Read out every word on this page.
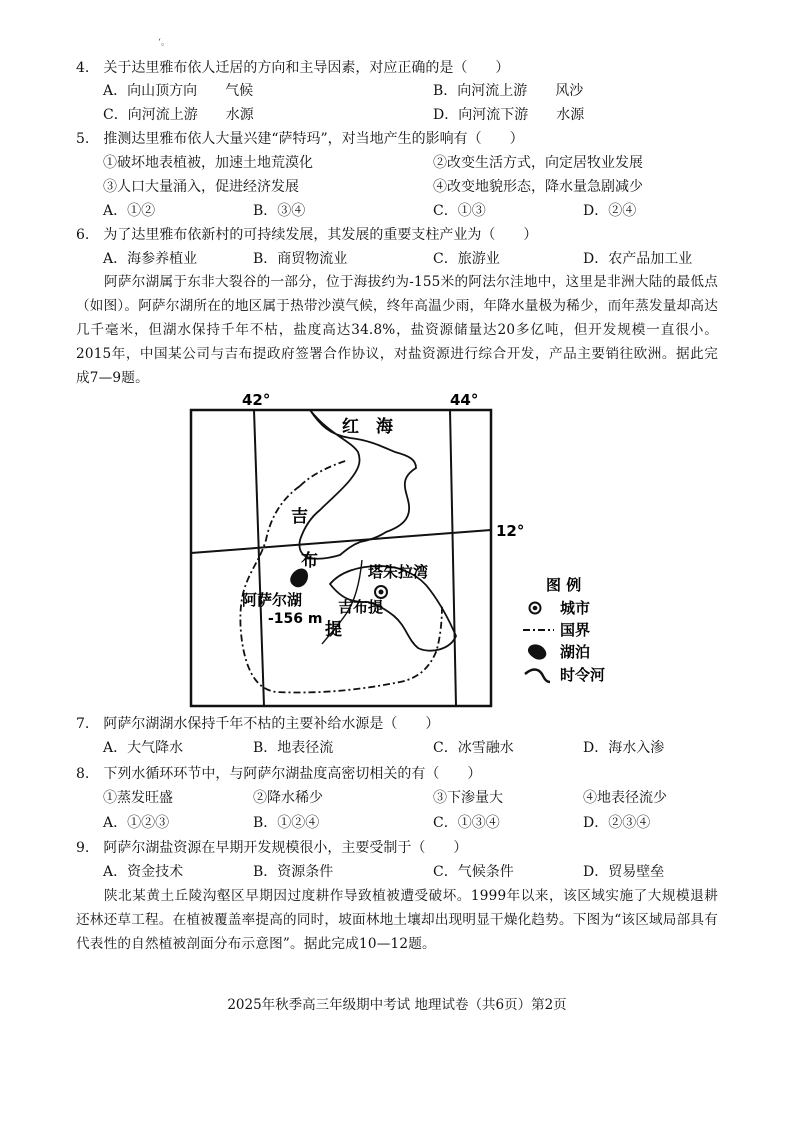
ʻ。
4.　关于达里雅布依人迁居的方向和主导因素，对应正确的是（　　）
A．向山顶方向　　气候	B．向河流上游　　风沙
C．向河流上游　　水源	D．向河流下游　　水源
5.　推测达里雅布依人大量兴建“萨特玛”，对当地产生的影响有（　　）
①破坏地表植被，加速土地荒漠化	②改变生活方式，向定居牧业发展
③人口大量涌入，促进经济发展	④改变地貌形态，降水量急剧减少
A．①②	B．③④	C．①③	D．②④
6.　为了达里雅布依新村的可持续发展，其发展的重要支柱产业为（　　）
A．海参养植业	B．商贸物流业	C．旅游业	D．农产品加工业
阿萨尔湖属于东非大裂谷的一部分，位于海拔约为-155米的阿法尔洼地中，这里是非洲大陆的最低点（如图）。阿萨尔湖所在的地区属于热带沙漠气候，终年高温少雨，年降水量极为稀少，而年蒸发量却高达几千毫米，但湖水保持千年不枯，盐度高达34.8%，盐资源储量达20多亿吨，但开发规模一直很小。2015年，中国某公司与吉布提政府签署合作协议，对盐资源进行综合开发，产品主要销往欧洲。据此完成7—9题。
42°	44°
12°
红 海
吉
布
提
阿萨尔湖
-156 m
吉布提
塔朱拉湾
图 例
城市
国界
湖泊
时令河
7.　阿萨尔湖湖水保持千年不枯的主要补给水源是（　　）
A．大气降水	B．地表径流	C．冰雪融水	D．海水入渗
8.　下列水循环环节中，与阿萨尔湖盐度高密切相关的有（　　）
①蒸发旺盛	②降水稀少	③下渗量大	④地表径流少
A．①②③	B．①②④	C．①③④	D．②③④
9.　阿萨尔湖盐资源在早期开发规模很小，主要受制于（　　）
A．资金技术	B．资源条件	C．气候条件	D．贸易壁垒
陕北某黄土丘陵沟壑区早期因过度耕作导致植被遭受破坏。1999年以来，该区域实施了大规模退耕还林还草工程。在植被覆盖率提高的同时，坡面林地土壤却出现明显干燥化趋势。下图为“该区域局部具有代表性的自然植被剖面分布示意图”。据此完成10—12题。
2025年秋季高三年级期中考试 地理试卷（共6页）第2页
